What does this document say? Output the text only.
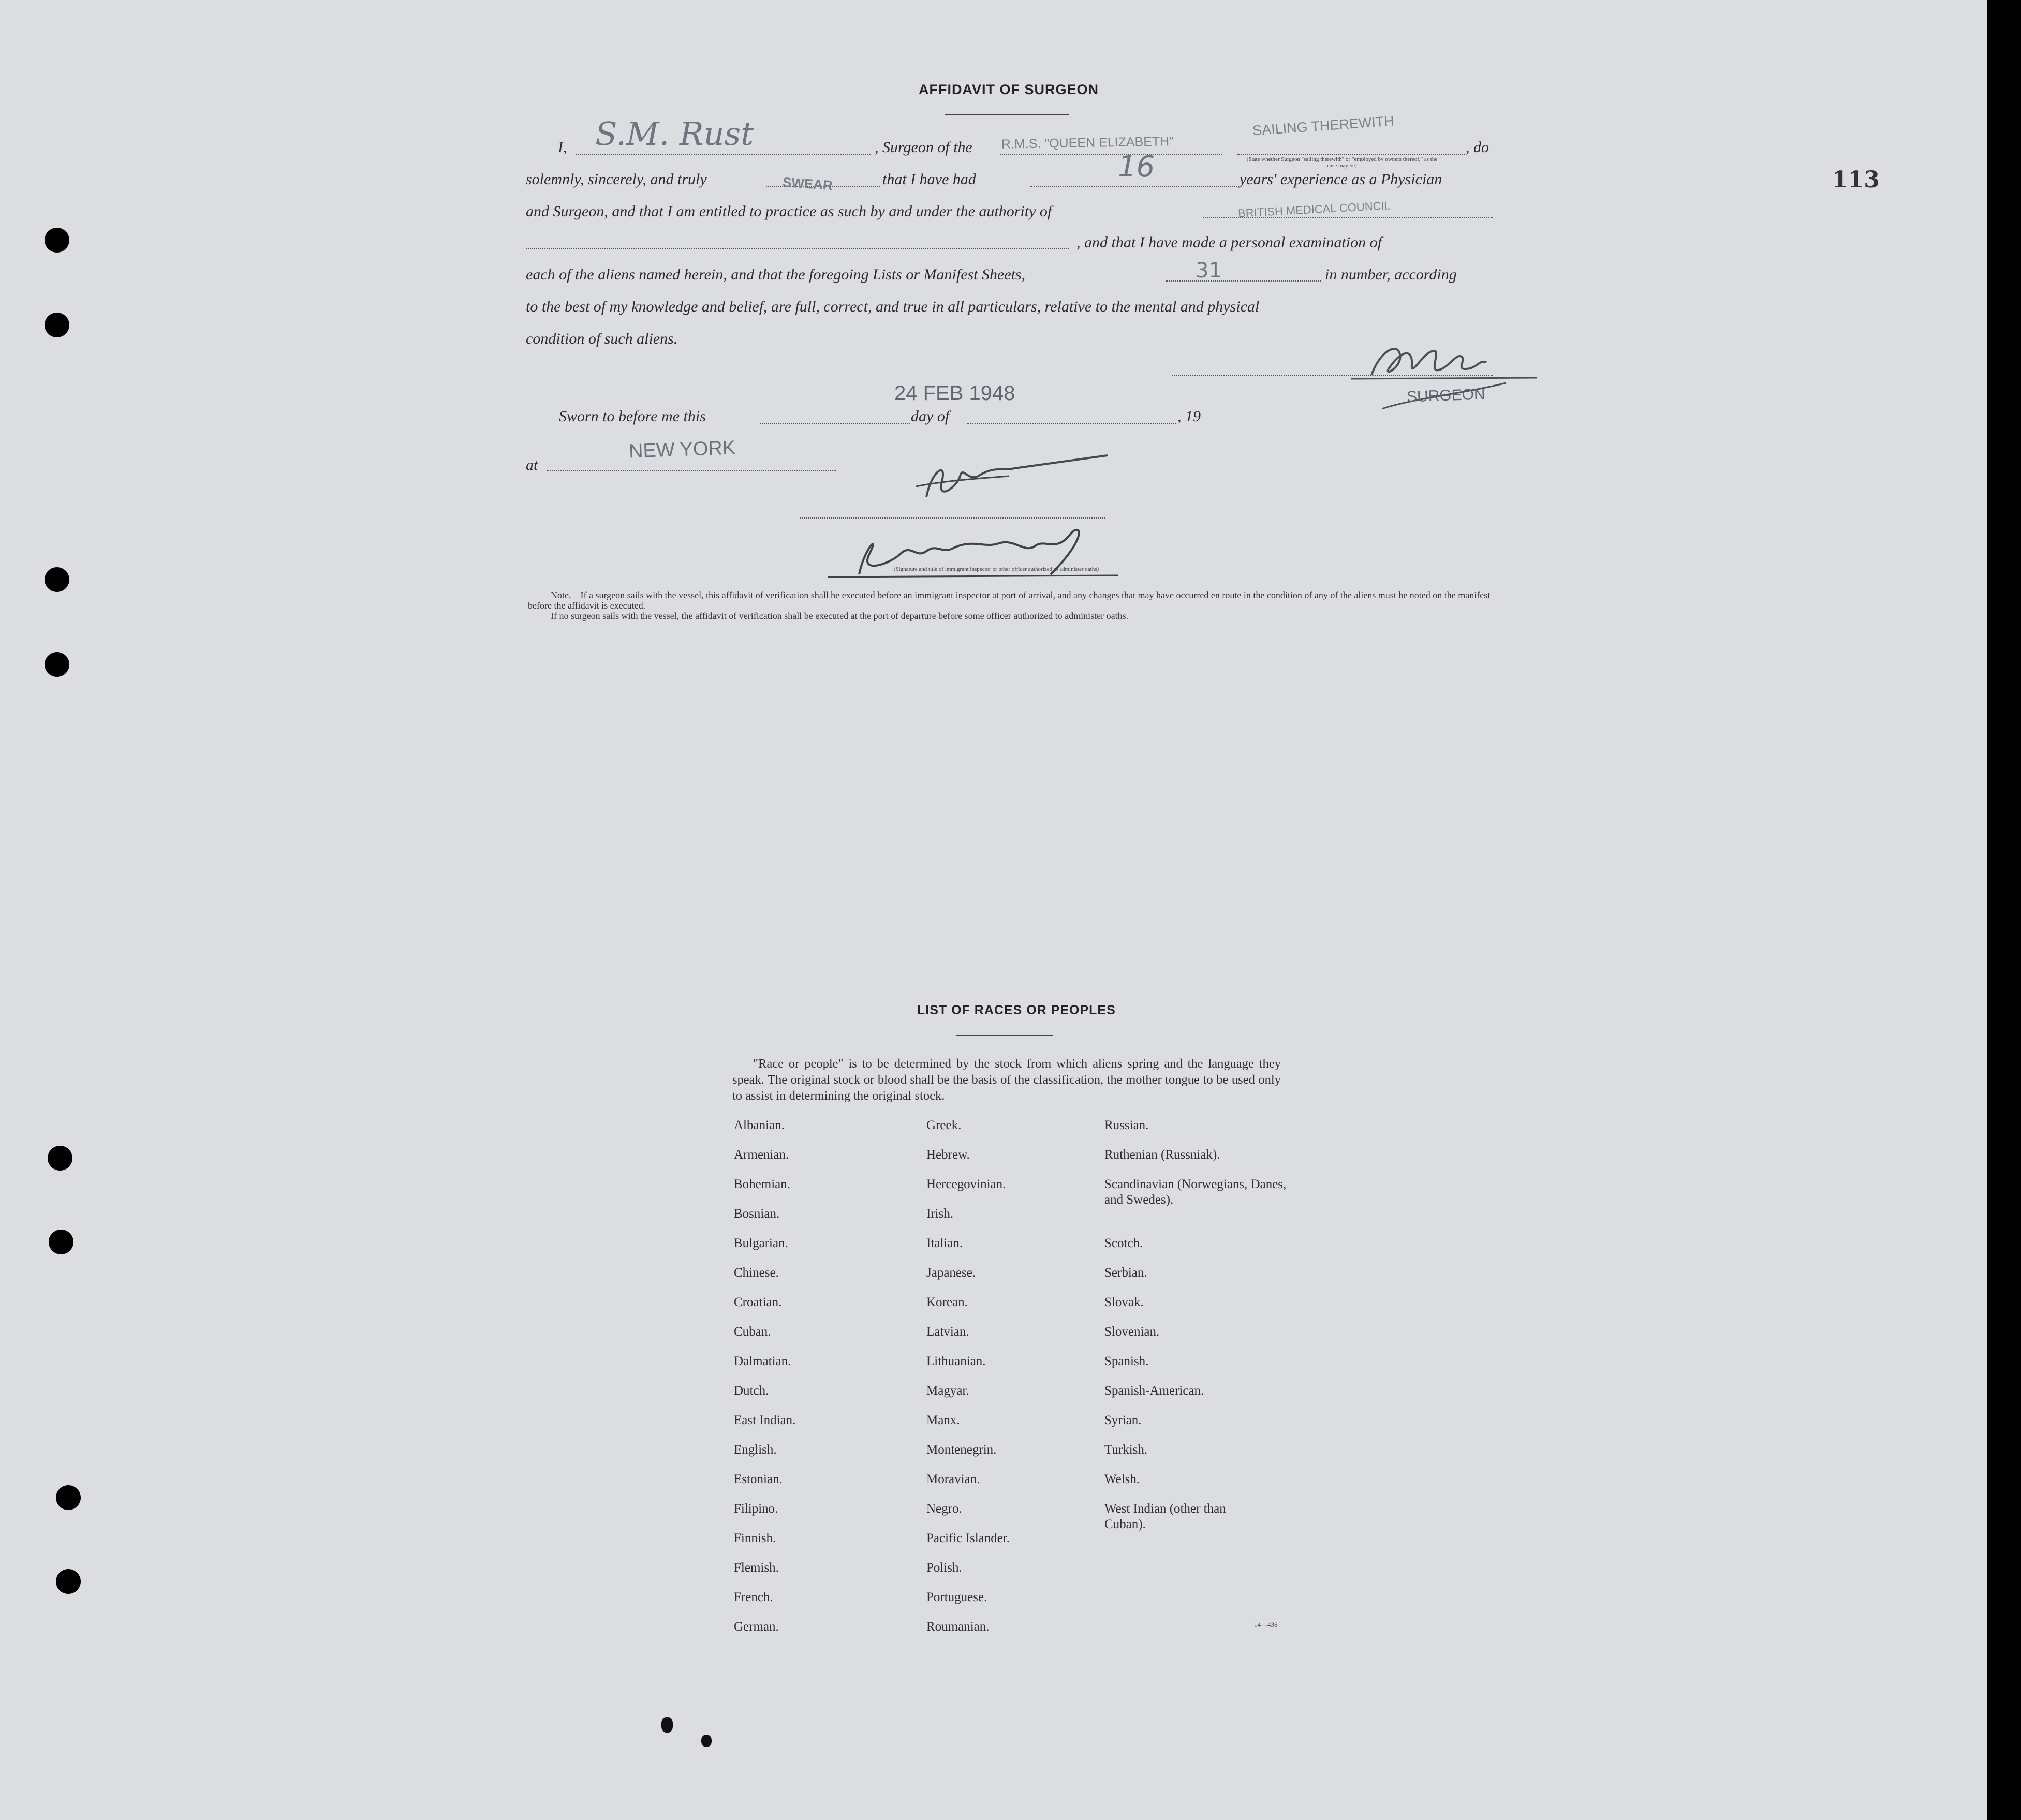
113
AFFIDAVIT OF SURGEON
I, S.M. Rust	, Surgeon of the R.M.S. "QUEEN ELIZABETH"
SAILING THEREWITH
(State whether Surgeon "sailing therewith" or "employed by owners thereof," as the case may be)
, do
solemnly, sincerely, and truly	SWEAR	that I have had	16	years' experience as a Physician
and Surgeon, and that I am entitled to practice as such by and under the authority of	BRITISH MEDICAL COUNCIL
, and that I have made a personal examination of
each of the aliens named herein, and that the foregoing Lists or Manifest Sheets,	31	in number, according
to the best of my knowledge and belief, are full, correct, and true in all particulars, relative to the mental and physical
condition of such aliens.
SURGEON
Sworn to before me this
24 FEB 1948
day of	, 19
at
NEW YORK
(Signature and title of immigrant inspector or other officer authorized to administer oaths)
Note.—If a surgeon sails with the vessel, this affidavit of verification shall be executed before an immigrant inspector at port of arrival, and any changes that may have occurred en route in the condition of any of the aliens must be noted on the manifest before the affidavit is executed.
If no surgeon sails with the vessel, the affidavit of verification shall be executed at the port of departure before some officer authorized to administer oaths.
LIST OF RACES OR PEOPLES
"Race or people" is to be determined by the stock from which aliens spring and the language they speak. The original stock or blood shall be the basis of the classification, the mother tongue to be used only to assist in determining the original stock.
Albanian.
Armenian.
Bohemian.
Bosnian.
Bulgarian.
Chinese.
Croatian.
Cuban.
Dalmatian.
Dutch.
East Indian.
English.
Estonian.
Filipino.
Finnish.
Flemish.
French.
German.
Greek.
Hebrew.
Hercegovinian.
Irish.
Italian.
Japanese.
Korean.
Latvian.
Lithuanian.
Magyar.
Manx.
Montenegrin.
Moravian.
Negro.
Pacific Islander.
Polish.
Portuguese.
Roumanian.
Russian.
Ruthenian (Russniak).
Scandinavian (Norwegians, Danes, and Swedes).
Scotch.
Serbian.
Slovak.
Slovenian.
Spanish.
Spanish-American.
Syrian.
Turkish.
Welsh.
West Indian (other than Cuban).
14—436
